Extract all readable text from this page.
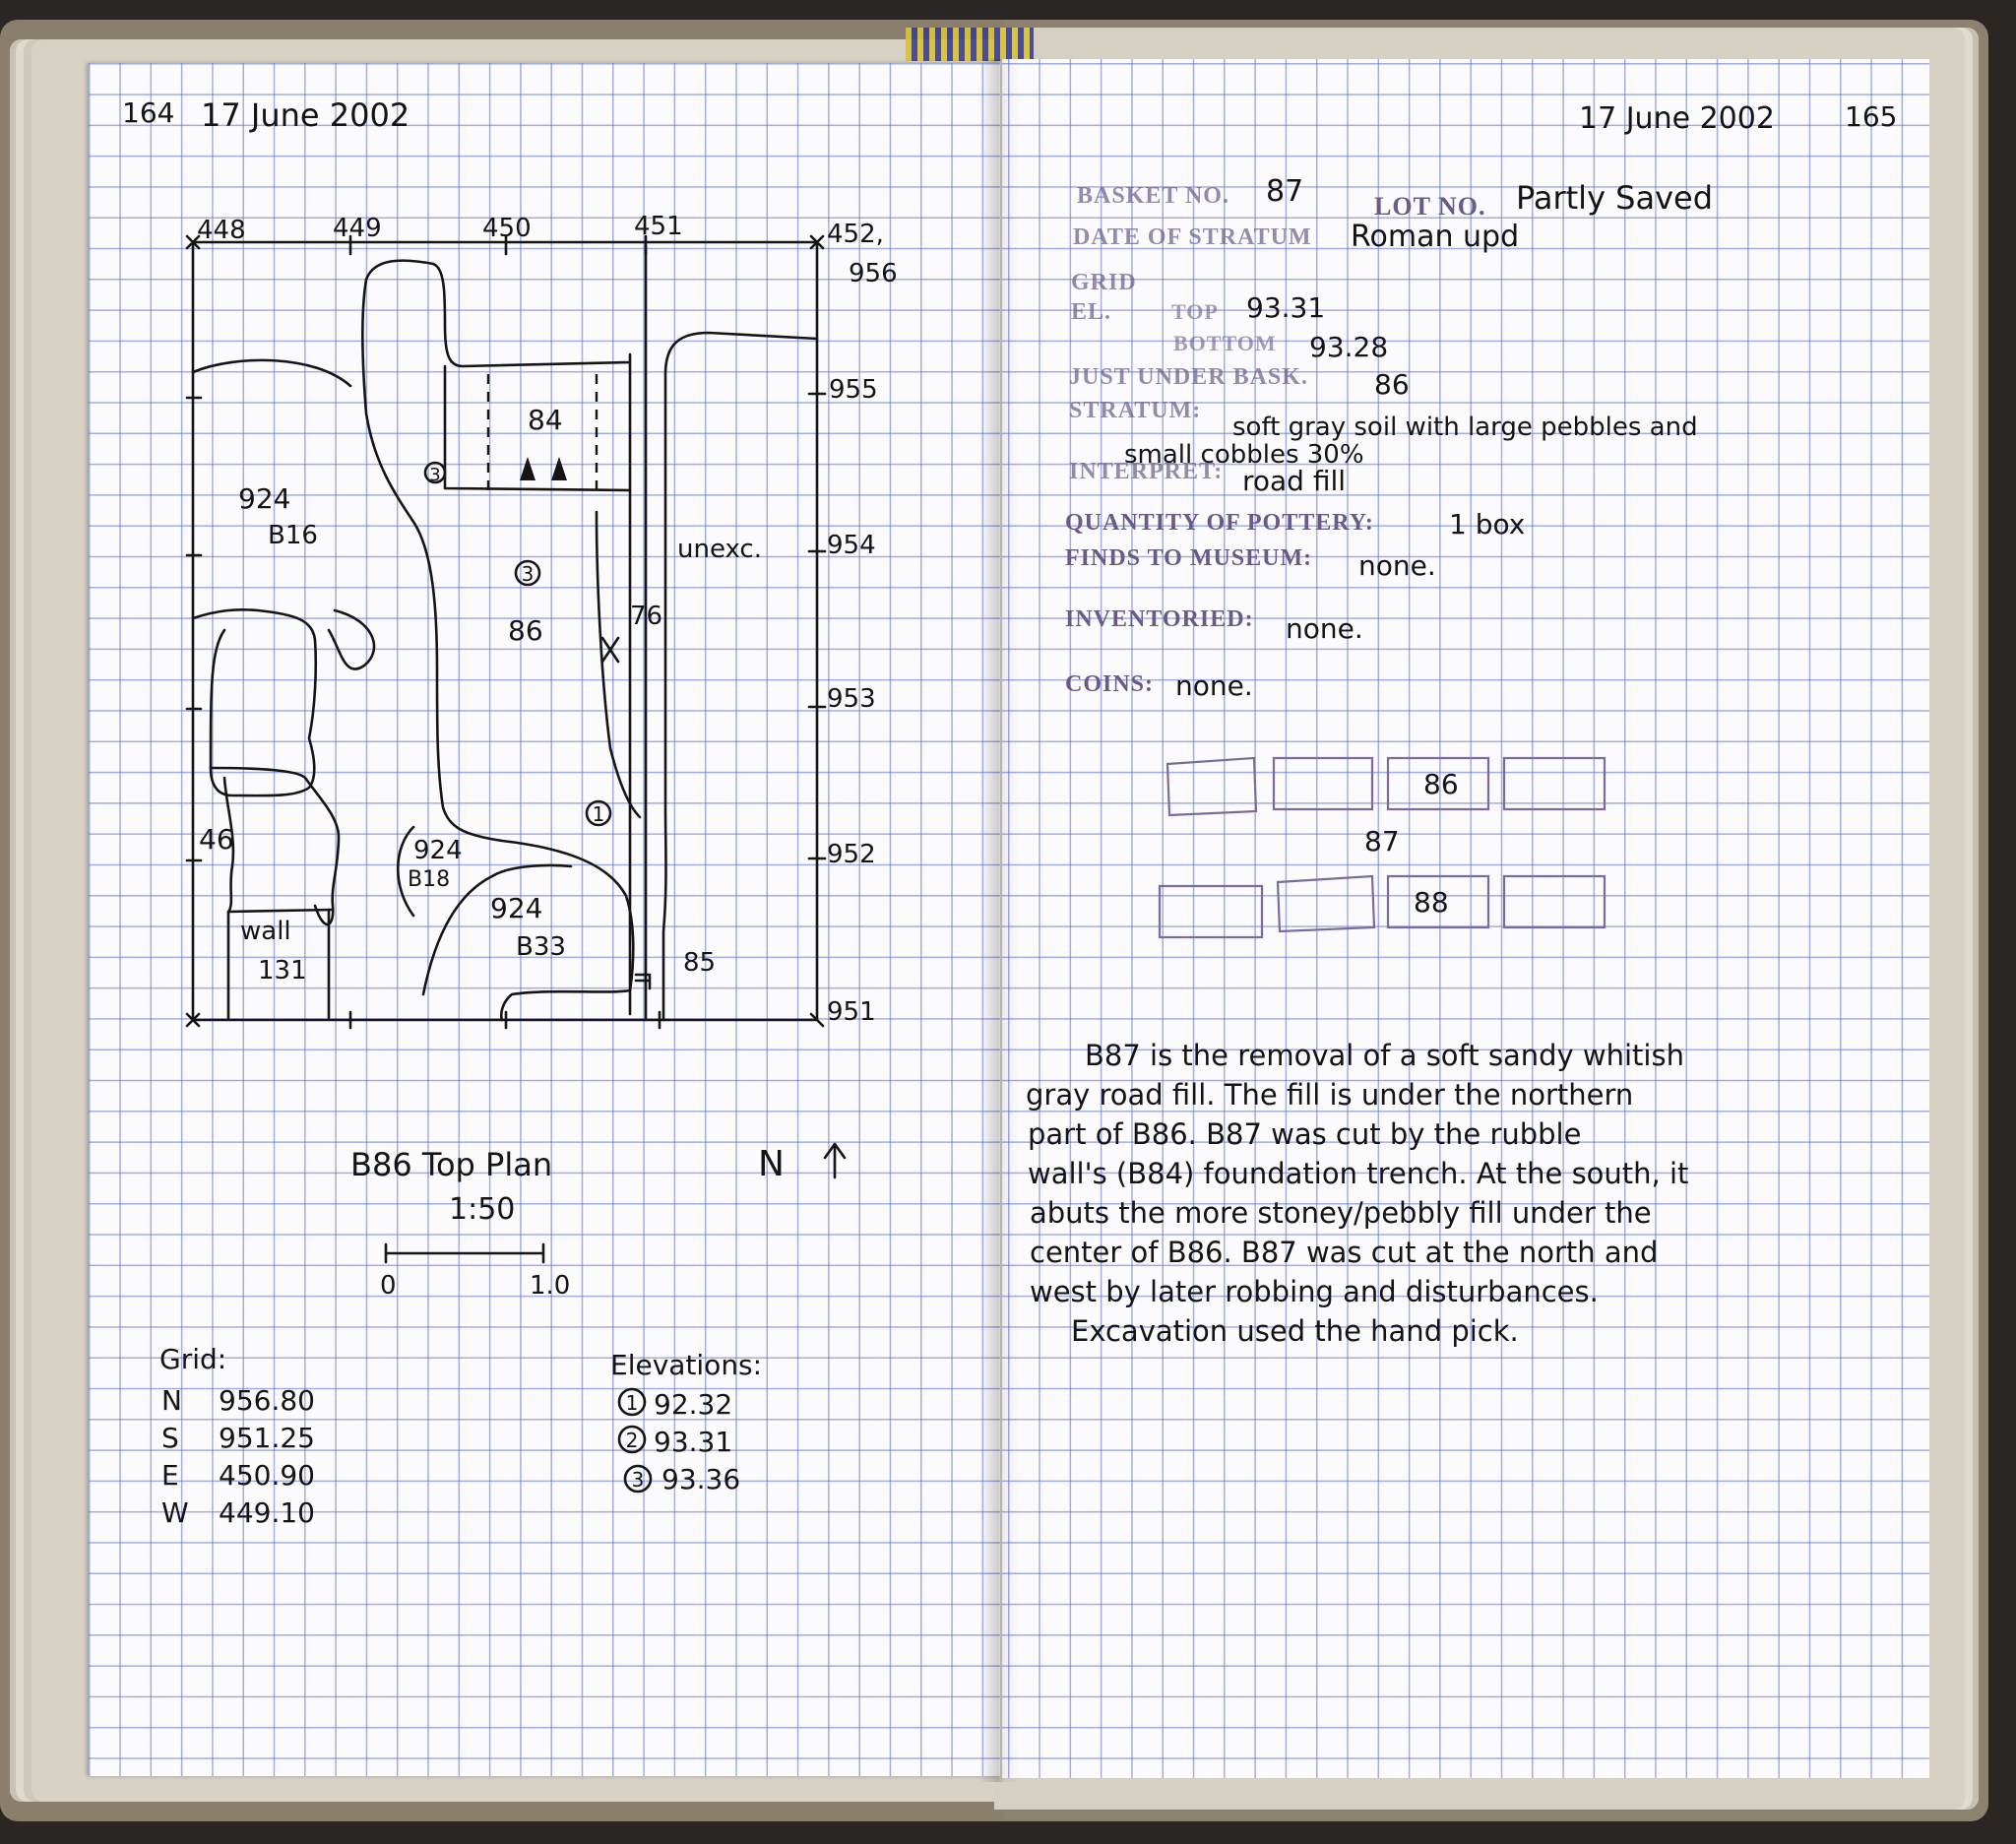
164 17 June 2002
448	449	450	451	452,
956
955
954
953
952
951
3
3
1
84
924
B16	unexc.
86	76
46	924
B18
924
B33
wall
131	85
B86 Top Plan	N
1:50
0	1.0
Grid:
N 956.80
S 951.25
E 450.90
W 449.10
Elevations:
1 92.32
2 93.31
3 93.36
17 June 2002	165
BASKET NO. 87	LOT NO. Partly Saved
DATE OF STRATUM Roman upd
GRID
EL.	TOP 93.31
BOTTOM 93.28
JUST UNDER BASK. 86
STRATUM:
soft gray soil with large pebbles and
small cobbles 30%
INTERPRET: road fill
QUANTITY OF POTTERY:	1 box
FINDS TO MUSEUM: none.
INVENTORIED: none.
COINS: none.
86
87
88
B87 is the removal of a soft sandy whitish
gray road fill. The fill is under the northern
part of B86. B87 was cut by the rubble
wall's (B84) foundation trench. At the south, it
abuts the more stoney/pebbly fill under the
center of B86. B87 was cut at the north and
west by later robbing and disturbances.
Excavation used the hand pick.
